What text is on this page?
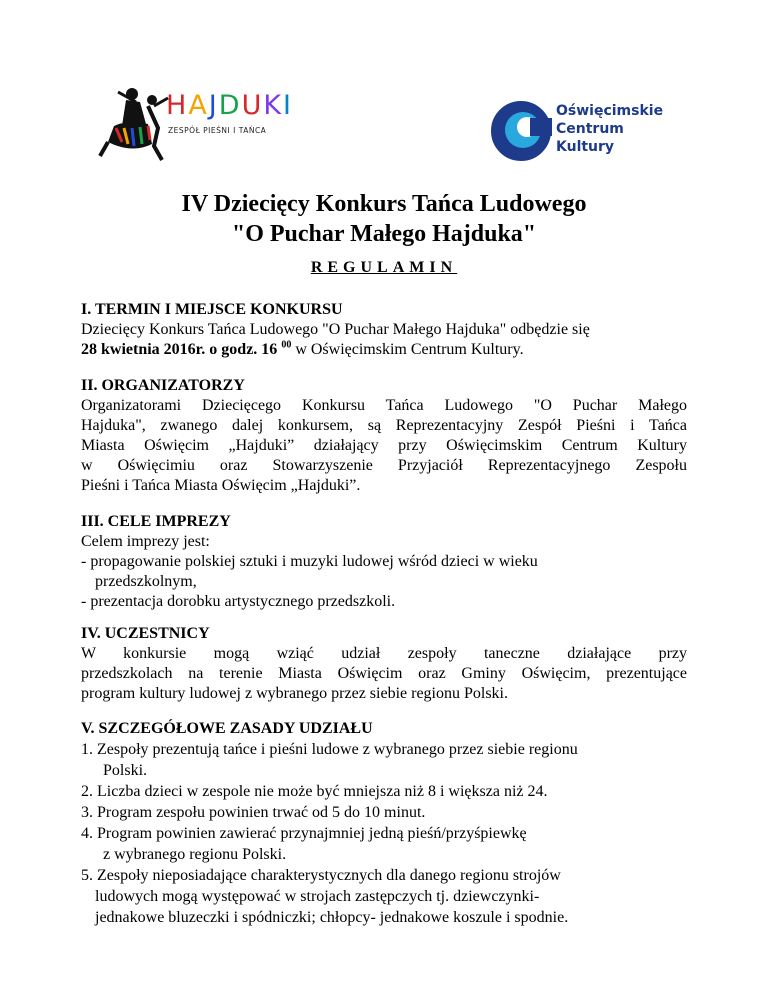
HAJDUKI
ZESPÓŁ PIEŚNI I TAŃCA
Oświęcimskie
Centrum
Kultury
IV Dziecięcy Konkurs Tańca Ludowego
"O Puchar Małego Hajduka"
REGULAMIN
I. TERMIN I MIEJSCE KONKURSU
Dziecięcy Konkurs Tańca Ludowego "O Puchar Małego Hajduka" odbędzie się
28 kwietnia 2016r. o godz. 16 $^{00}$ w Oświęcimskim Centrum Kultury.
II. ORGANIZATORZY
Organizatorami Dziecięcego Konkursu Tańca Ludowego "O Puchar Małego
Hajduka", zwanego dalej konkursem, są Reprezentacyjny Zespół Pieśni i Tańca
Miasta Oświęcim „Hajduki” działający przy Oświęcimskim Centrum Kultury
w Oświęcimiu oraz Stowarzyszenie Przyjaciół Reprezentacyjnego Zespołu
Pieśni i Tańca Miasta Oświęcim „Hajduki”.
III. CELE IMPREZY
Celem imprezy jest:
- propagowanie polskiej sztuki i muzyki ludowej wśród dzieci w wieku
przedszkolnym,
- prezentacja dorobku artystycznego przedszkoli.
IV. UCZESTNICY
W konkursie mogą wziąć udział zespoły taneczne działające przy
przedszkolach na terenie Miasta Oświęcim oraz Gminy Oświęcim, prezentujące
program kultury ludowej z wybranego przez siebie regionu Polski.
V. SZCZEGÓŁOWE ZASADY UDZIAŁU
1. Zespoły prezentują tańce i pieśni ludowe z wybranego przez siebie regionu
Polski.
2. Liczba dzieci w zespole nie może być mniejsza niż 8 i większa niż 24.
3. Program zespołu powinien trwać od 5 do 10 minut.
4. Program powinien zawierać przynajmniej jedną pieśń/przyśpiewkę
z wybranego regionu Polski.
5. Zespoły nieposiadające charakterystycznych dla danego regionu strojów
ludowych mogą występować w strojach zastępczych tj. dziewczynki-
jednakowe bluzeczki i spódniczki; chłopcy- jednakowe koszule i spodnie.
